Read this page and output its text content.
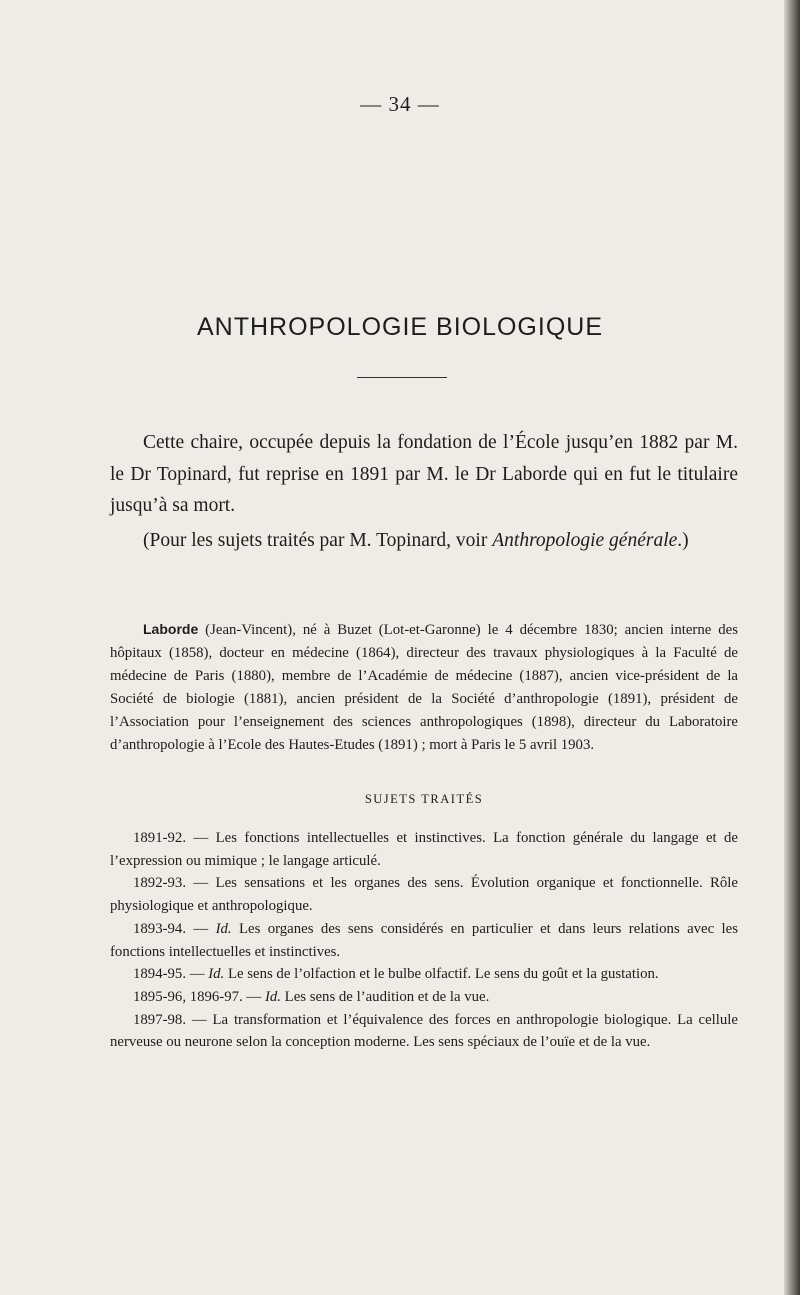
— 34 —
ANTHROPOLOGIE BIOLOGIQUE

Cette chaire, occupée depuis la fondation de l’École jusqu’en 1882 par M. le Dr Topinard, fut reprise en 1891 par M. le Dr Laborde qui en fut le titulaire jusqu’à sa mort.

(Pour les sujets traités par M. Topinard, voir Anthropologie générale.)

Laborde (Jean-Vincent), né à Buzet (Lot-et-Garonne) le 4 décembre 1830; ancien interne des hôpitaux (1858), docteur en médecine (1864), directeur des travaux physiologiques à la Faculté de médecine de Paris (1880), membre de l’Académie de médecine (1887), ancien vice-président de la Société de biologie (1881), ancien président de la Société d’anthropologie (1891), président de l’Association pour l’enseignement des sciences anthropologiques (1898), directeur du Laboratoire d’anthropologie à l’Ecole des Hautes-Etudes (1891) ; mort à Paris le 5 avril 1903.

SUJETS TRAITÉS

1891-92. — Les fonctions intellectuelles et instinctives. La fonction générale du langage et de l’expression ou mimique ; le langage articulé.

1892-93. — Les sensations et les organes des sens. Évolution organique et fonctionnelle. Rôle physiologique et anthropologique.

1893-94. — Id. Les organes des sens considérés en particulier et dans leurs relations avec les fonctions intellectuelles et instinctives.

1894-95. — Id. Le sens de l’olfaction et le bulbe olfactif. Le sens du goût et la gustation.

1895-96, 1896-97. — Id. Les sens de l’audition et de la vue.

1897-98. — La transformation et l’équivalence des forces en anthropologie biologique. La cellule nerveuse ou neurone selon la conception moderne. Les sens spéciaux de l’ouïe et de la vue.
